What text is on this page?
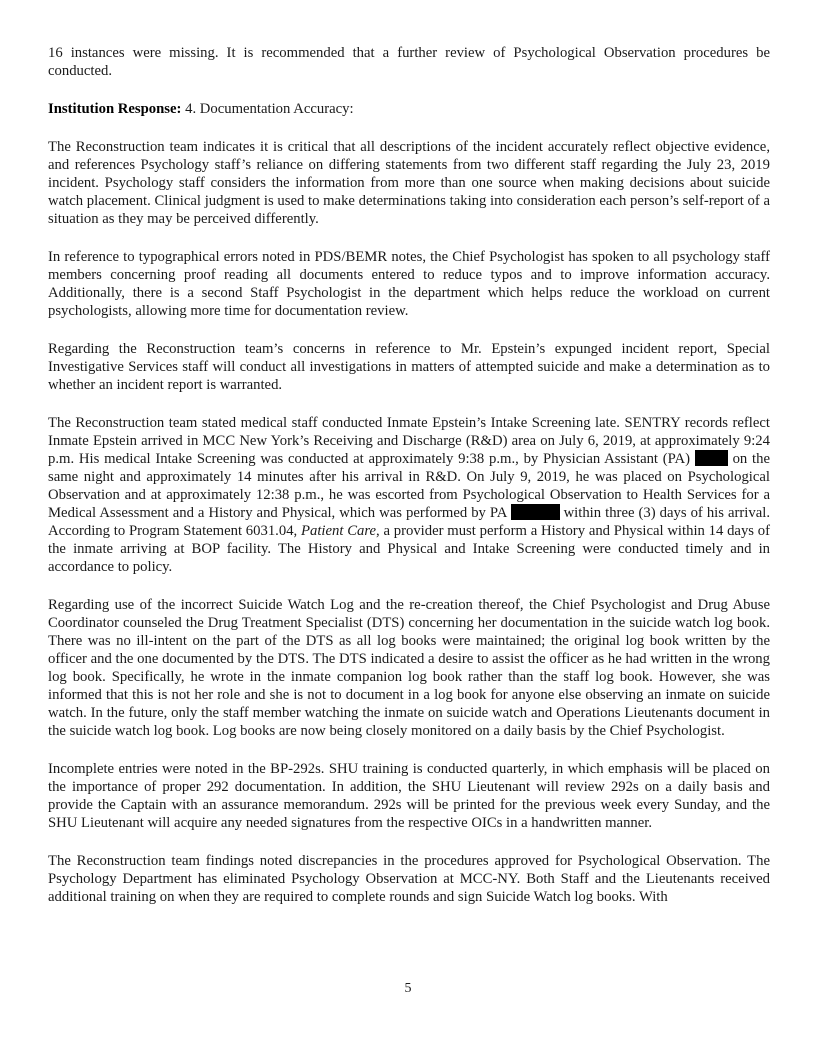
16 instances were missing. It is recommended that a further review of Psychological Observation procedures be conducted.

Institution Response: 4. Documentation Accuracy:

The Reconstruction team indicates it is critical that all descriptions of the incident accurately reflect objective evidence, and references Psychology staff’s reliance on differing statements from two different staff regarding the July 23, 2019 incident. Psychology staff considers the information from more than one source when making decisions about suicide watch placement. Clinical judgment is used to make determinations taking into consideration each person’s self-report of a situation as they may be perceived differently.

In reference to typographical errors noted in PDS/BEMR notes, the Chief Psychologist has spoken to all psychology staff members concerning proof reading all documents entered to reduce typos and to improve information accuracy. Additionally, there is a second Staff Psychologist in the department which helps reduce the workload on current psychologists, allowing more time for documentation review.

Regarding the Reconstruction team’s concerns in reference to Mr. Epstein’s expunged incident report, Special Investigative Services staff will conduct all investigations in matters of attempted suicide and make a determination as to whether an incident report is warranted.

The Reconstruction team stated medical staff conducted Inmate Epstein’s Intake Screening late. SENTRY records reflect Inmate Epstein arrived in MCC New York’s Receiving and Discharge (R&D) area on July 6, 2019, at approximately 9:24 p.m. His medical Intake Screening was conducted at approximately 9:38 p.m., by Physician Assistant (PA)  on the same night and approximately 14 minutes after his arrival in R&D. On July 9, 2019, he was placed on Psychological Observation and at approximately 12:38 p.m., he was escorted from Psychological Observation to Health Services for a Medical Assessment and a History and Physical, which was performed by PA	within three (3) days of his arrival. According to Program Statement 6031.04, Patient Care, a provider must perform a History and Physical within 14 days of the inmate arriving at BOP facility. The History and Physical and Intake Screening were conducted timely and in accordance to policy.

Regarding use of the incorrect Suicide Watch Log and the re-creation thereof, the Chief Psychologist and Drug Abuse Coordinator counseled the Drug Treatment Specialist (DTS) concerning her documentation in the suicide watch log book. There was no ill-intent on the part of the DTS as all log books were maintained; the original log book written by the officer and the one documented by the DTS. The DTS indicated a desire to assist the officer as he had written in the wrong log book. Specifically, he wrote in the inmate companion log book rather than the staff log book. However, she was informed that this is not her role and she is not to document in a log book for anyone else observing an inmate on suicide watch. In the future, only the staff member watching the inmate on suicide watch and Operations Lieutenants document in the suicide watch log book. Log books are now being closely monitored on a daily basis by the Chief Psychologist.

Incomplete entries were noted in the BP-292s. SHU training is conducted quarterly, in which emphasis will be placed on the importance of proper 292 documentation. In addition, the SHU Lieutenant will review 292s on a daily basis and provide the Captain with an assurance memorandum. 292s will be printed for the previous week every Sunday, and the SHU Lieutenant will acquire any needed signatures from the respective OICs in a handwritten manner.

The Reconstruction team findings noted discrepancies in the procedures approved for Psychological Observation. The Psychology Department has eliminated Psychology Observation at MCC-NY. Both Staff and the Lieutenants received additional training on when they are required to complete rounds and sign Suicide Watch log books. With

5
